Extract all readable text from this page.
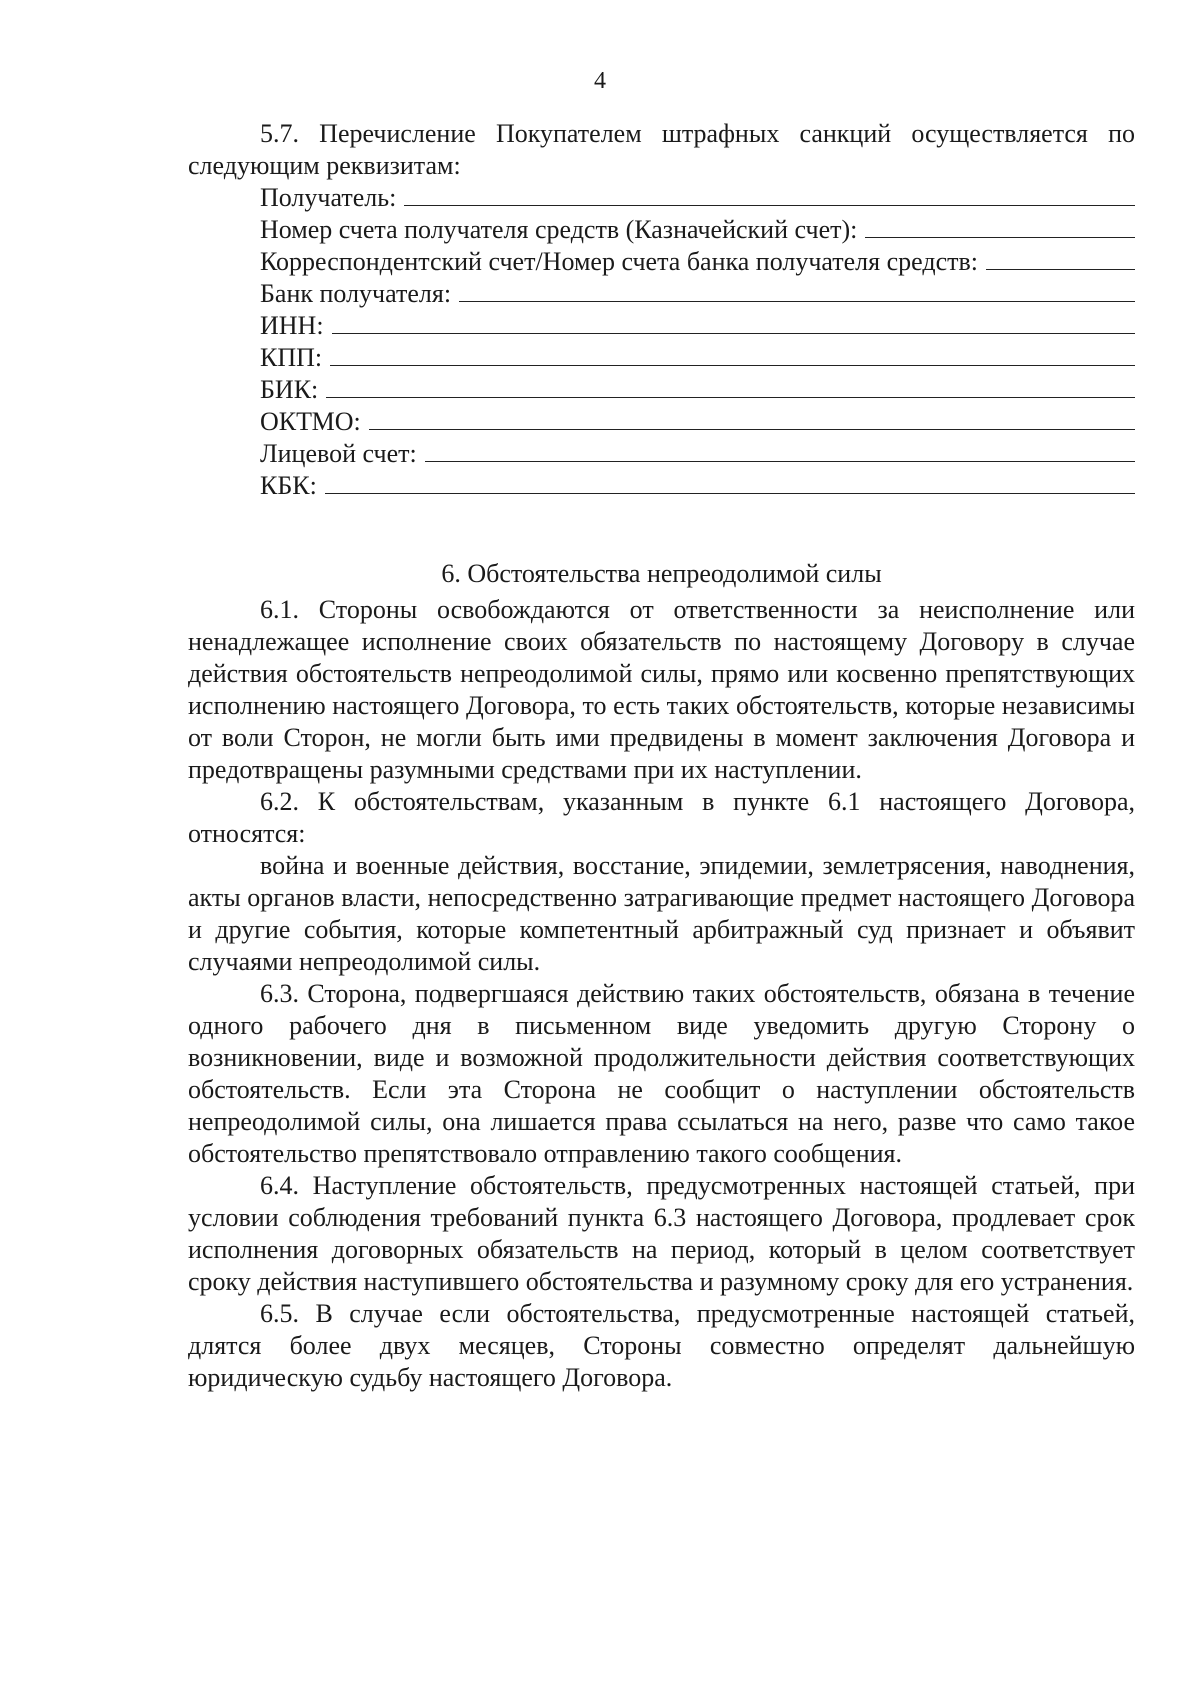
4

5.7. Перечисление Покупателем штрафных санкций осуществляется по следующим реквизитам:

Получатель:
Номер счета получателя средств (Казначейский счет):
Корреспондентский счет/Номер счета банка получателя средств:
Банк получателя:
ИНН:
КПП:
БИК:
ОКТМО:
Лицевой счет:
КБК:

6. Обстоятельства непреодолимой силы

6.1. Стороны освобождаются от ответственности за неисполнение или ненадлежащее исполнение своих обязательств по настоящему Договору в случае действия обстоятельств непреодолимой силы, прямо или косвенно препятствующих исполнению настоящего Договора, то есть таких обстоятельств, которые независимы от воли Сторон, не могли быть ими предвидены в момент заключения Договора и предотвращены разумными средствами при их наступлении.

6.2. К обстоятельствам, указанным в пункте 6.1 настоящего Договора, относятся:

война и военные действия, восстание, эпидемии, землетрясения, наводнения, акты органов власти, непосредственно затрагивающие предмет настоящего Договора и другие события, которые компетентный арбитражный суд признает и объявит случаями непреодолимой силы.

6.3. Сторона, подвергшаяся действию таких обстоятельств, обязана в течение одного рабочего дня в письменном виде уведомить другую Сторону о возникновении, виде и возможной продолжительности действия соответствующих обстоятельств. Если эта Сторона не сообщит о наступлении обстоятельств непреодолимой силы, она лишается права ссылаться на него, разве что само такое обстоятельство препятствовало отправлению такого сообщения.

6.4. Наступление обстоятельств, предусмотренных настоящей статьей, при условии соблюдения требований пункта 6.3 настоящего Договора, продлевает срок исполнения договорных обязательств на период, который в целом соответствует сроку действия наступившего обстоятельства и разумному сроку для его устранения.

6.5. В случае если обстоятельства, предусмотренные настоящей статьей, длятся более двух месяцев, Стороны совместно определят дальнейшую юридическую судьбу настоящего Договора.
